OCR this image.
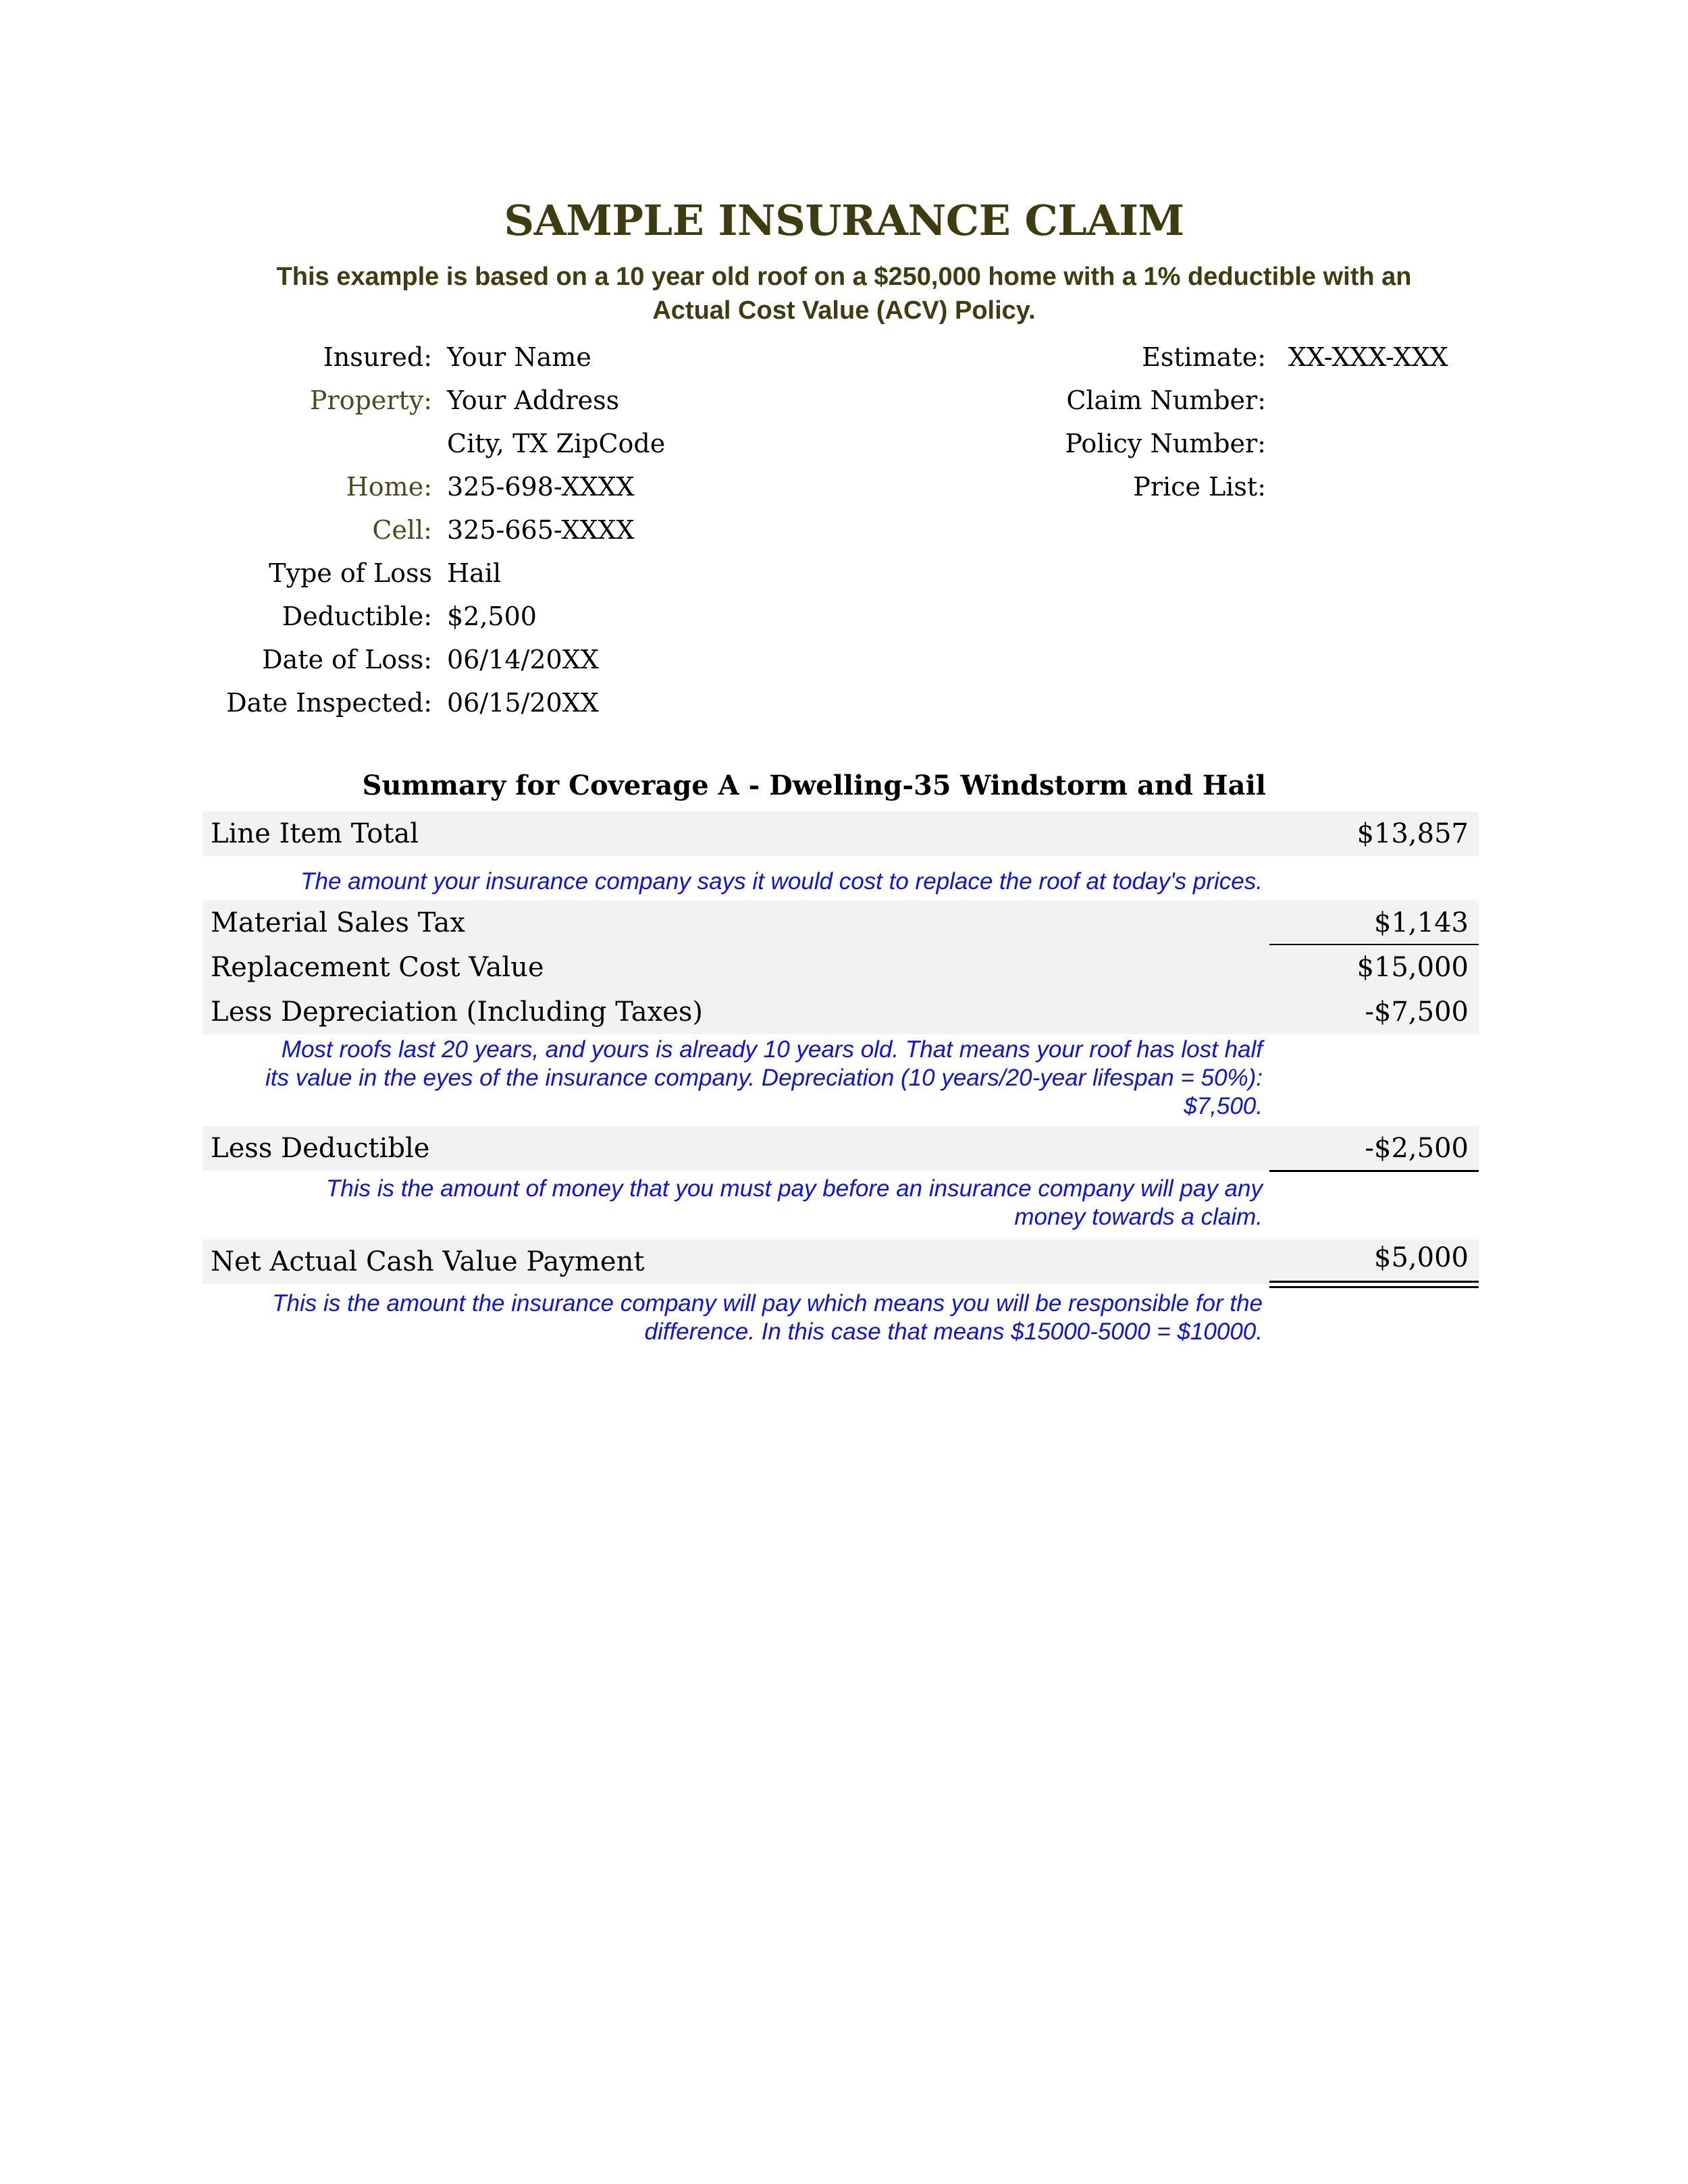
SAMPLE INSURANCE CLAIM
This example is based on a 10 year old roof on a $250,000 home with a 1% deductible with an
Actual Cost Value (ACV) Policy.
Insured: Your Name
Property: Your Address
City, TX ZipCode
Home: 325-698-XXXX
Cell: 325-665-XXXX
Type of Loss Hail
Deductible: $2,500
Date of Loss: 06/14/20XX
Date Inspected: 06/15/20XX
Estimate: XX-XXX-XXX
Claim Number:
Policy Number:
Price List:
Summary for Coverage A - Dwelling-35 Windstorm and Hail
Line Item Total	$13,857
The amount your insurance company says it would cost to replace the roof at today's prices.
Material Sales Tax	$1,143
Replacement Cost Value	$15,000
Less Depreciation (Including Taxes)	-$7,500
Most roofs last 20 years, and yours is already 10 years old. That means your roof has lost half
its value in the eyes of the insurance company. Depreciation (10 years/20-year lifespan = 50%):
$7,500.
Less Deductible	-$2,500
This is the amount of money that you must pay before an insurance company will pay any
money towards a claim.
Net Actual Cash Value Payment	$5,000
This is the amount the insurance company will pay which means you will be responsible for the
difference. In this case that means $15000-5000 = $10000.
